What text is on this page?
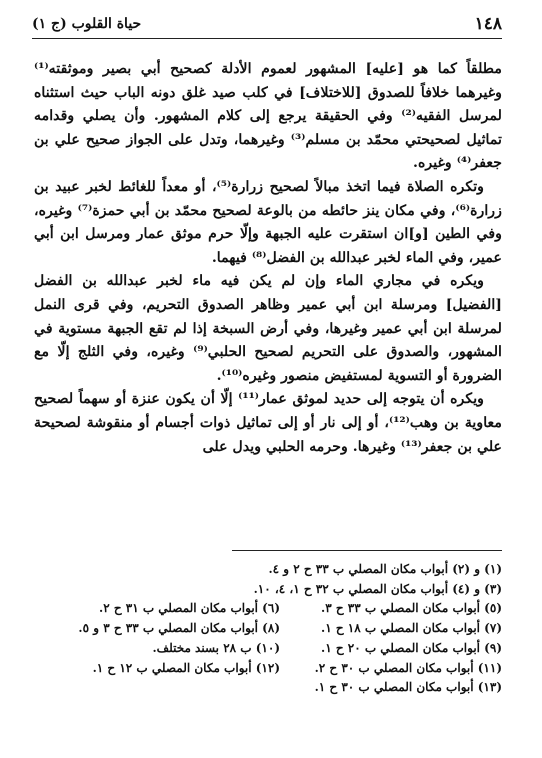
١٤٨
حياة القلوب (ج ١)

مطلقاً كما هو [عليه] المشهور لعموم الأدلة كصحيح أبي بصير وموثقته⁽¹⁾ وغيرهما خلافاً للصدوق [للاختلاف] في كلب صيد غلق دونه الباب حيث استثناه لمرسل الفقيه⁽²⁾ وفي الحقيقة يرجع إلى كلام المشهور. وأن يصلي وقدامه تماثيل لصحيحتي محمّد بن مسلم⁽³⁾ وغيرهما، وتدل على الجواز صحيح علي بن جعفر⁽⁴⁾ وغيره.

وتكره الصلاة فيما اتخذ مبالاً لصحيح زرارة⁽⁵⁾، أو معداً للغائط لخبر عبيد بن زرارة⁽⁶⁾، وفي مكان ينز حائطه من بالوعة لصحيح محمّد بن أبي حمزة⁽⁷⁾ وغيره، وفي الطين [و]ان استقرت عليه الجبهة وإلّا حرم موثق عمار ومرسل ابن أبي عمير، وفي الماء لخبر عبدالله بن الفضل⁽⁸⁾ فيهما.

ويكره في مجاري الماء وإن لم يكن فيه ماء لخبر عبدالله بن الفضل [الفضيل] ومرسلة ابن أبي عمير وظاهر الصدوق التحريم، وفي قرى النمل لمرسلة ابن أبي عمير وغيرها، وفي أرض السبخة إذا لم تقع الجبهة مستوية في المشهور، والصدوق على التحريم لصحيح الحلبي⁽⁹⁾ وغيره، وفي الثلج إلّا مع الضرورة أو التسوية لمستفيض منصور وغيره⁽¹⁰⁾.

ويكره أن يتوجه إلى حديد لموثق عمار⁽¹¹⁾ إلّا أن يكون عنزة أو سهماً لصحيح معاوية بن وهب⁽¹²⁾، أو إلى نار أو إلى تماثيل ذوات أجسام أو منقوشة لصحيحة علي بن جعفر⁽¹³⁾ وغيرها. وحرمه الحلبي ويدل على

(١) و (٢) أبواب مكان المصلي ب ٣٣ ح ٢ و ٤.
(٣) و (٤) أبواب مكان المصلي ب ٣٢ ح ١، ٤، ١٠.
(٥) أبواب مكان المصلي ب ٣٣ ح ٣.
(٦) أبواب مكان المصلي ب ٣١ ح ٢.
(٧) أبواب مكان المصلي ب ١٨ ح ١.
(٨) أبواب مكان المصلي ب ٣٣ ح ٣ و ٥.
(٩) أبواب مكان المصلي ب ٢٠ ح ١.
(١٠) ب ٢٨ بسند مختلف.
(١١) أبواب مكان المصلي ب ٣٠ ح ٢.
(١٢) أبواب مكان المصلي ب ١٢ ح ١.
(١٣) أبواب مكان المصلي ب ٣٠ ح ١.
